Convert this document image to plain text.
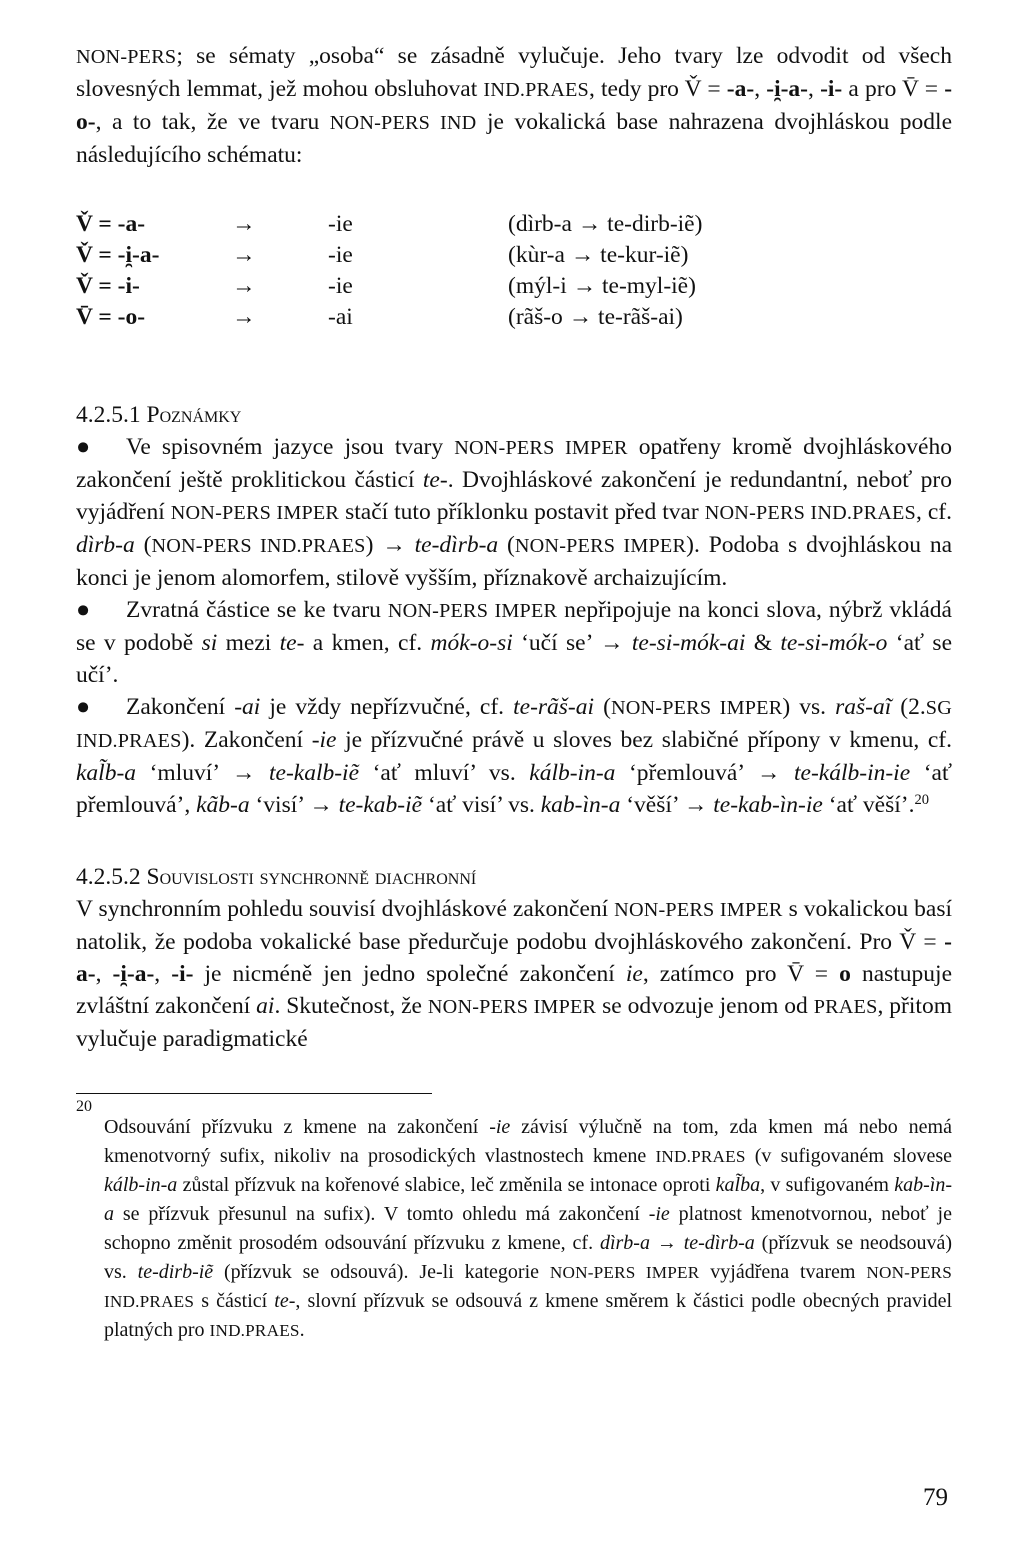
NON-PERS; se sématy „osoba“ se zásadně vylučuje. Jeho tvary lze odvodit od všech slovesných lemmat, jež mohou obsluhovat IND.PRAES, tedy pro V̌ = -a-, -i̯-a-, -i- a pro V̄ = -o-, a to tak, že ve tvaru NON-PERS IND je vokalická base nahrazena dvojhláskou podle následujícího schématu:

V̌ = -a-	→	-ie	(dìrb-a → te-dirb-iẽ)
V̌ = -i̯-a-	→	-ie	(kùr-a → te-kur-iẽ)
V̌ = -i-	→	-ie	(mýl-i → te-myl-iẽ)
V̄ = -o-	→	-ai	(rãš-o → te-rãš-ai)
4.2.5.1 Poznámky

● Ve spisovném jazyce jsou tvary NON-PERS IMPER opatřeny kromě dvojhláskového zakončení ještě proklitickou částicí te-. Dvojhláskové zakončení je redundantní, neboť pro vyjádření NON-PERS IMPER stačí tuto příklonku postavit před tvar NON-PERS IND.PRAES, cf. dìrb-a (NON-PERS IND.PRAES) → te-dìrb-a (NON-PERS IMPER). Podoba s dvojhláskou na konci je jenom alomorfem, stilově vyšším, příznakově archaizujícím.

● Zvratná částice se ke tvaru NON-PERS IMPER nepřipojuje na konci slova, nýbrž vkládá se v podobě si mezi te- a kmen, cf. mók-o-si ‘učí se’ → te-si-mók-ai & te-si-mók-o ‘ať se učí’.

● Zakončení -ai je vždy nepřízvučné, cf. te-rãš-ai (NON-PERS IMPER) vs. raš-aĩ (2.SG IND.PRAES). Zakončení -ie je přízvučné právě u sloves bez slabičné přípony v kmenu, cf. kal̃b-a ‘mluví’ → te-kalb-iẽ ‘ať mluví’ vs. kálb-in-a ‘přemlouvá’ → te-kálb-in-ie ‘ať přemlouvá’, kãb-a ‘visí’ → te-kab-iẽ ‘ať visí’ vs. kab-ìn-a ‘věší’ → te-kab-ìn-ie ‘ať věší’.$^{20}$

4.2.5.2 Souvislosti synchronně diachronní

V synchronním pohledu souvisí dvojhláskové zakončení NON-PERS IMPER s vokalickou basí natolik, že podoba vokalické base předurčuje podobu dvojhláskového zakončení. Pro V̌ = -a-, -i̯-a-, -i- je nicméně jen jedno společné zakončení ie, zatímco pro V̄ = o nastupuje zvláštní zakončení ai. Skutečnost, že NON-PERS IMPER se odvozuje jenom od PRAES, přitom vylučuje paradigmatické

20
Odsouvání přízvuku z kmene na zakončení -ie závisí výlučně na tom, zda kmen má nebo nemá kmenotvorný sufix, nikoliv na prosodických vlastnostech kmene IND.PRAES (v sufigovaném slovese kálb-in-a zůstal přízvuk na kořenové slabice, leč změnila se intonace oproti kal̃ba, v sufigovaném kab-ìn-a se přízvuk přesunul na sufix). V tomto ohledu má zakončení -ie platnost kmenotvornou, neboť je schopno změnit prosodém odsouvání přízvuku z kmene, cf. dìrb-a → te-dìrb-a (přízvuk se neodsouvá) vs. te-dirb-iẽ (přízvuk se odsouvá). Je-li kategorie NON-PERS IMPER vyjádřena tvarem NON-PERS IND.PRAES s částicí te-, slovní přízvuk se odsouvá z kmene směrem k částici podle obecných pravidel platných pro IND.PRAES.

79
